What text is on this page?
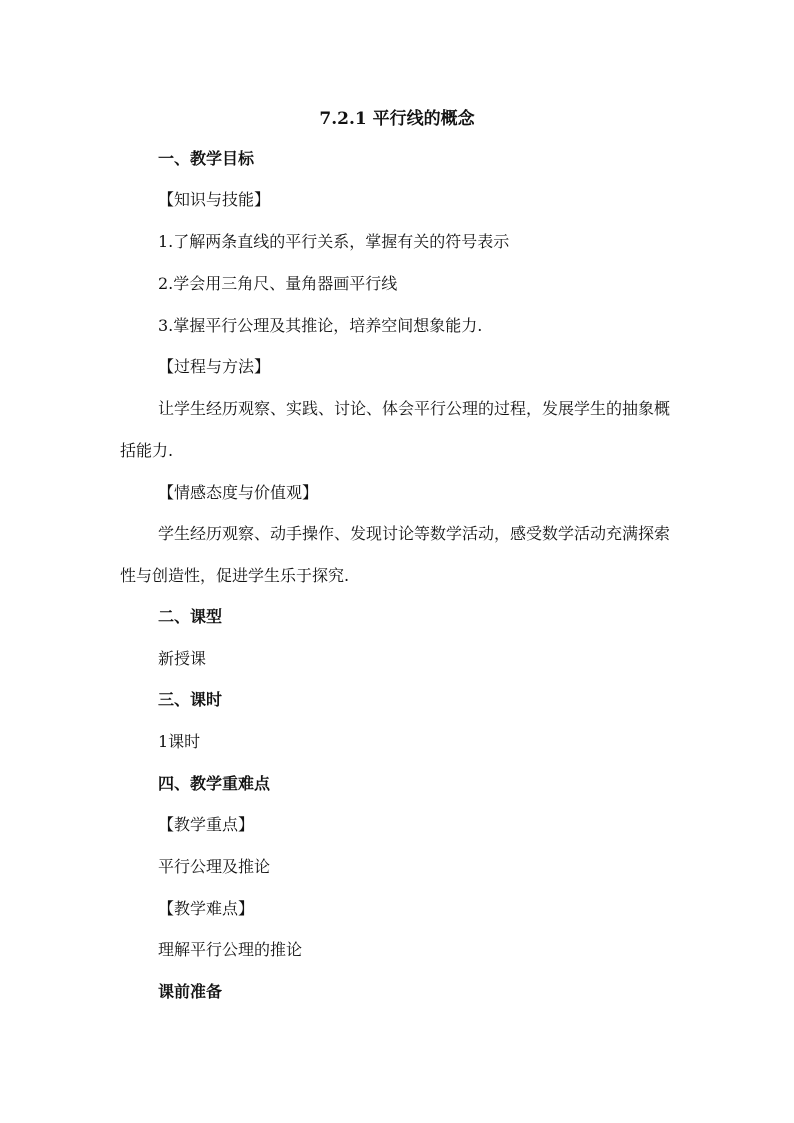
7.2.1 平行线的概念
一、教学目标
【知识与技能】
1.了解两条直线的平行关系，掌握有关的符号表示
2.学会用三角尺、量角器画平行线
3.掌握平行公理及其推论，培养空间想象能力.
【过程与方法】
让学生经历观察、实践、讨论、体会平行公理的过程，发展学生的抽象概括能力.
【情感态度与价值观】
学生经历观察、动手操作、发现讨论等数学活动，感受数学活动充满探索性与创造性，促进学生乐于探究.
二、课型
新授课
三、课时
1课时
四、教学重难点
【教学重点】
平行公理及推论
【教学难点】
理解平行公理的推论
课前准备
